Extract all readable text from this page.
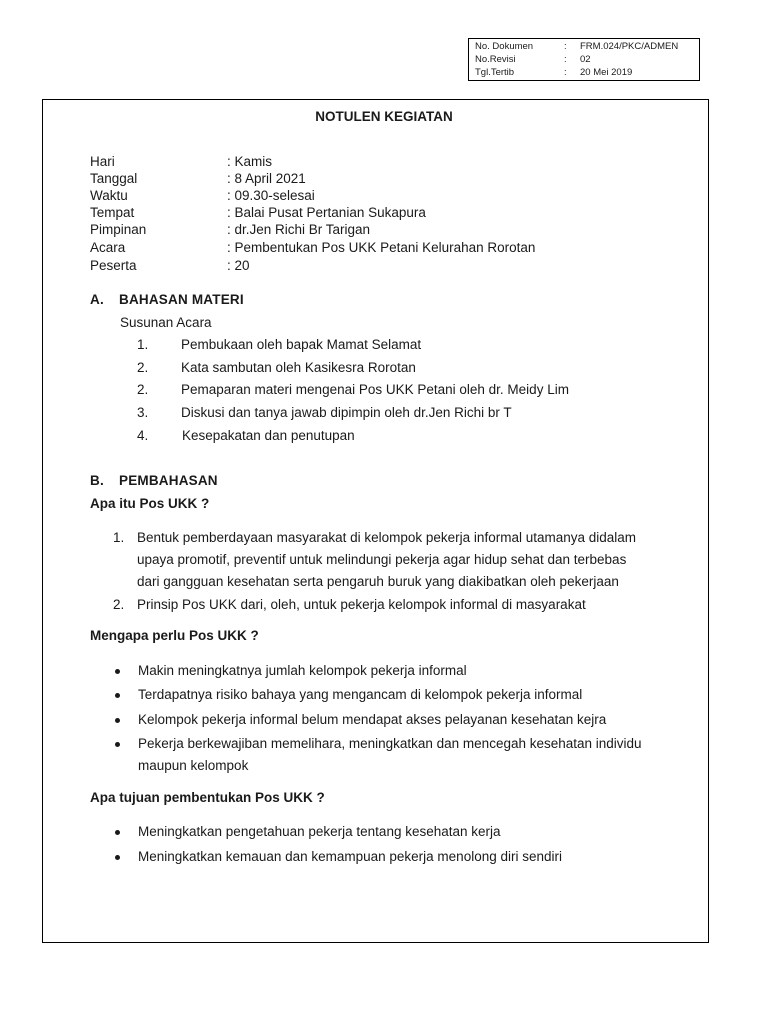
No. Dokumen	:	FRM.024/PKC/ADMEN
No.Revisi	:	02
Tgl.Tertib	:	20 Mei 2019
NOTULEN KEGIATAN
Hari	: Kamis
Tanggal	: 8 April 2021
Waktu	: 09.30-selesai
Tempat	: Balai Pusat Pertanian Sukapura
Pimpinan	: dr.Jen Richi Br Tarigan
Acara	: Pembentukan Pos UKK Petani Kelurahan Rorotan
Peserta	: 20
A. BAHASAN MATERI
Susunan Acara
1. Pembukaan oleh bapak Mamat Selamat
2. Kata sambutan oleh Kasikesra Rorotan
2. Pemaparan materi mengenai Pos UKK Petani oleh dr. Meidy Lim
3. Diskusi dan tanya jawab dipimpin oleh dr.Jen Richi br T
4. Kesepakatan dan penutupan
B. PEMBAHASAN
Apa itu Pos UKK ?
1. Bentuk pemberdayaan masyarakat di kelompok pekerja informal utamanya didalam
upaya promotif, preventif untuk melindungi pekerja agar hidup sehat dan terbebas
dari gangguan kesehatan serta pengaruh buruk yang diakibatkan oleh pekerjaan
2. Prinsip Pos UKK dari, oleh, untuk pekerja kelompok informal di masyarakat
Mengapa perlu Pos UKK ?
Makin meningkatnya jumlah kelompok pekerja informal
Terdapatnya risiko bahaya yang mengancam di kelompok pekerja informal
Kelompok pekerja informal belum mendapat akses pelayanan kesehatan kejra
Pekerja berkewajiban memelihara, meningkatkan dan mencegah kesehatan individu
maupun kelompok
Apa tujuan pembentukan Pos UKK ?
Meningkatkan pengetahuan pekerja tentang kesehatan kerja
Meningkatkan kemauan dan kemampuan pekerja menolong diri sendiri
